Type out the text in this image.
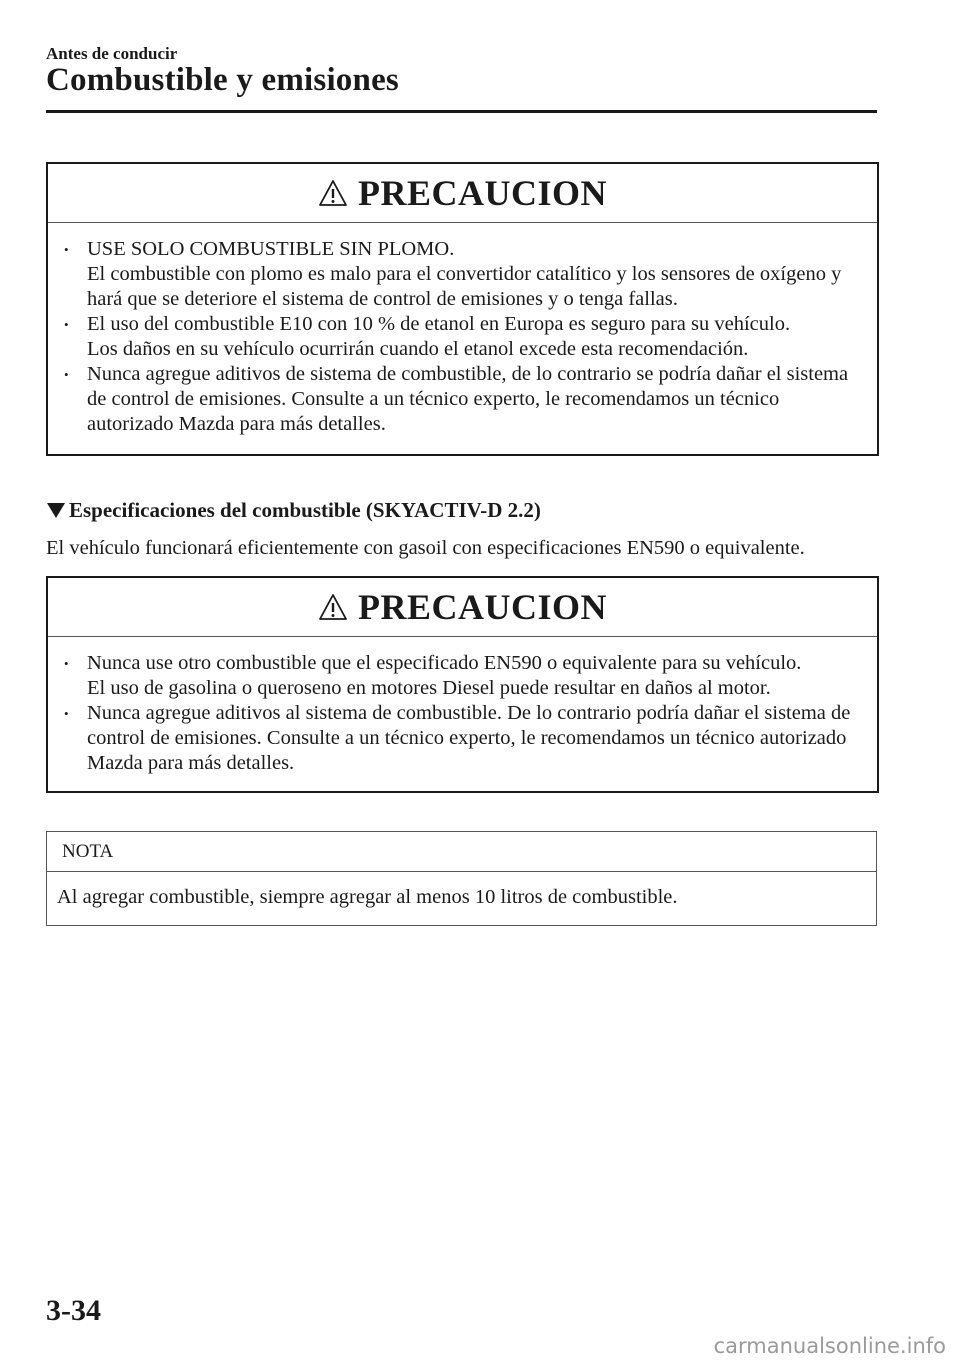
Antes de conducir
Combustible y emisiones
PRECAUCION
• USE SOLO COMBUSTIBLE SIN PLOMO.
El combustible con plomo es malo para el convertidor catalítico y los sensores de oxígeno y hará que se deteriore el sistema de control de emisiones y o tenga fallas.
• El uso del combustible E10 con 10 % de etanol en Europa es seguro para su vehículo.
Los daños en su vehículo ocurrirán cuando el etanol excede esta recomendación.
• Nunca agregue aditivos de sistema de combustible, de lo contrario se podría dañar el sistema de control de emisiones. Consulte a un técnico experto, le recomendamos un técnico autorizado Mazda para más detalles.
Especificaciones del combustible (SKYACTIV-D 2.2)
El vehículo funcionará eficientemente con gasoil con especificaciones EN590 o equivalente.
PRECAUCION
• Nunca use otro combustible que el especificado EN590 o equivalente para su vehículo.
El uso de gasolina o queroseno en motores Diesel puede resultar en daños al motor.
• Nunca agregue aditivos al sistema de combustible. De lo contrario podría dañar el sistema de control de emisiones. Consulte a un técnico experto, le recomendamos un técnico autorizado Mazda para más detalles.
NOTA
Al agregar combustible, siempre agregar al menos 10 litros de combustible.
3-34
carmanualsonline.info
